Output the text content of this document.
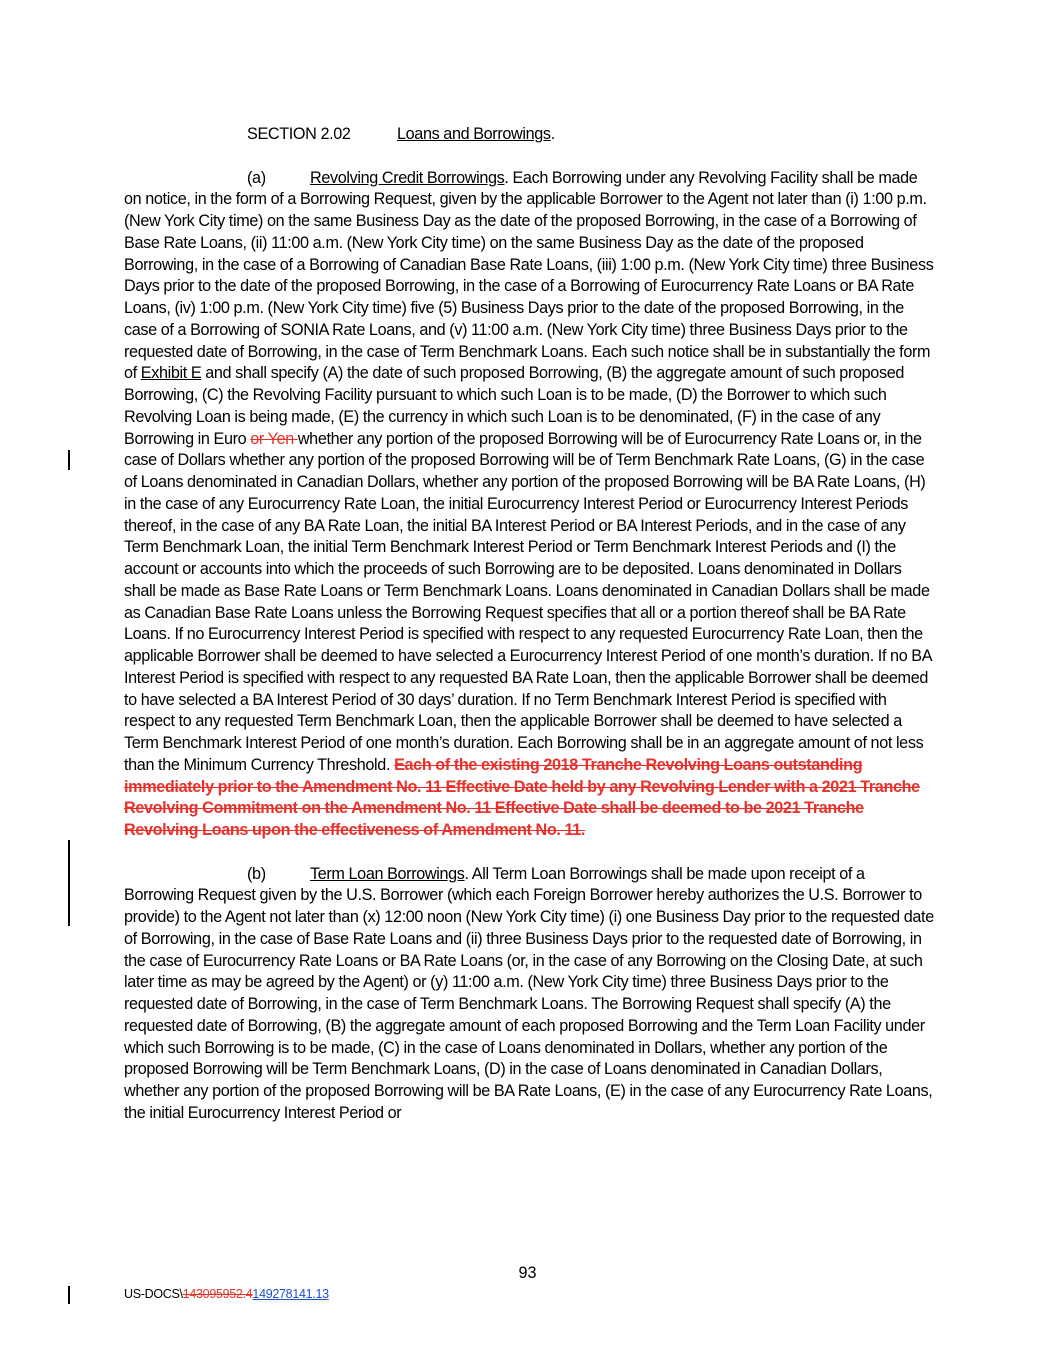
SECTION 2.02	Loans and Borrowings.

(a)	Revolving Credit Borrowings. Each Borrowing under any Revolving Facility shall be made on notice, in the form of a Borrowing Request, given by the applicable Borrower to the Agent not later than (i) 1:00 p.m. (New York City time) on the same Business Day as the date of the proposed Borrowing, in the case of a Borrowing of Base Rate Loans, (ii) 11:00 a.m. (New York City time) on the same Business Day as the date of the proposed Borrowing, in the case of a Borrowing of Canadian Base Rate Loans, (iii) 1:00 p.m. (New York City time) three Business Days prior to the date of the proposed Borrowing, in the case of a Borrowing of Eurocurrency Rate Loans or BA Rate Loans, (iv) 1:00 p.m. (New York City time) five (5) Business Days prior to the date of the proposed Borrowing, in the case of a Borrowing of SONIA Rate Loans, and (v) 11:00 a.m. (New York City time) three Business Days prior to the requested date of Borrowing, in the case of Term Benchmark Loans. Each such notice shall be in substantially the form of Exhibit E and shall specify (A) the date of such proposed Borrowing, (B) the aggregate amount of such proposed Borrowing, (C) the Revolving Facility pursuant to which such Loan is to be made, (D) the Borrower to which such Revolving Loan is being made, (E) the currency in which such Loan is to be denominated, (F) in the case of any Borrowing in Euro or Yen whether any portion of the proposed Borrowing will be of Eurocurrency Rate Loans or, in the case of Dollars whether any portion of the proposed Borrowing will be of Term Benchmark Rate Loans, (G) in the case of Loans denominated in Canadian Dollars, whether any portion of the proposed Borrowing will be BA Rate Loans, (H) in the case of any Eurocurrency Rate Loan, the initial Eurocurrency Interest Period or Eurocurrency Interest Periods thereof, in the case of any BA Rate Loan, the initial BA Interest Period or BA Interest Periods, and in the case of any Term Benchmark Loan, the initial Term Benchmark Interest Period or Term Benchmark Interest Periods and (I) the account or accounts into which the proceeds of such Borrowing are to be deposited. Loans denominated in Dollars shall be made as Base Rate Loans or Term Benchmark Loans. Loans denominated in Canadian Dollars shall be made as Canadian Base Rate Loans unless the Borrowing Request specifies that all or a portion thereof shall be BA Rate Loans. If no Eurocurrency Interest Period is specified with respect to any requested Eurocurrency Rate Loan, then the applicable Borrower shall be deemed to have selected a Eurocurrency Interest Period of one month’s duration. If no BA Interest Period is specified with respect to any requested BA Rate Loan, then the applicable Borrower shall be deemed to have selected a BA Interest Period of 30 days’ duration. If no Term Benchmark Interest Period is specified with respect to any requested Term Benchmark Loan, then the applicable Borrower shall be deemed to have selected a Term Benchmark Interest Period of one month’s duration. Each Borrowing shall be in an aggregate amount of not less than the Minimum Currency Threshold. Each of the existing 2018 Tranche Revolving Loans outstanding immediately prior to the Amendment No. 11 Effective Date held by any Revolving Lender with a 2021 Tranche Revolving Commitment on the Amendment No. 11 Effective Date shall be deemed to be 2021 Tranche Revolving Loans upon the effectiveness of Amendment No. 11.

(b)	Term Loan Borrowings. All Term Loan Borrowings shall be made upon receipt of a Borrowing Request given by the U.S. Borrower (which each Foreign Borrower hereby authorizes the U.S. Borrower to provide) to the Agent not later than (x) 12:00 noon (New York City time) (i) one Business Day prior to the requested date of Borrowing, in the case of Base Rate Loans and (ii) three Business Days prior to the requested date of Borrowing, in the case of Eurocurrency Rate Loans or BA Rate Loans (or, in the case of any Borrowing on the Closing Date, at such later time as may be agreed by the Agent) or (y) 11:00 a.m. (New York City time) three Business Days prior to the requested date of Borrowing, in the case of Term Benchmark Loans. The Borrowing Request shall specify (A) the requested date of Borrowing, (B) the aggregate amount of each proposed Borrowing and the Term Loan Facility under which such Borrowing is to be made, (C) in the case of Loans denominated in Dollars, whether any portion of the proposed Borrowing will be Term Benchmark Loans, (D) in the case of Loans denominated in Canadian Dollars, whether any portion of the proposed Borrowing will be BA Rate Loans, (E) in the case of any Eurocurrency Rate Loans, the initial Eurocurrency Interest Period or

93
US-DOCS\143095952.4149278141.13
